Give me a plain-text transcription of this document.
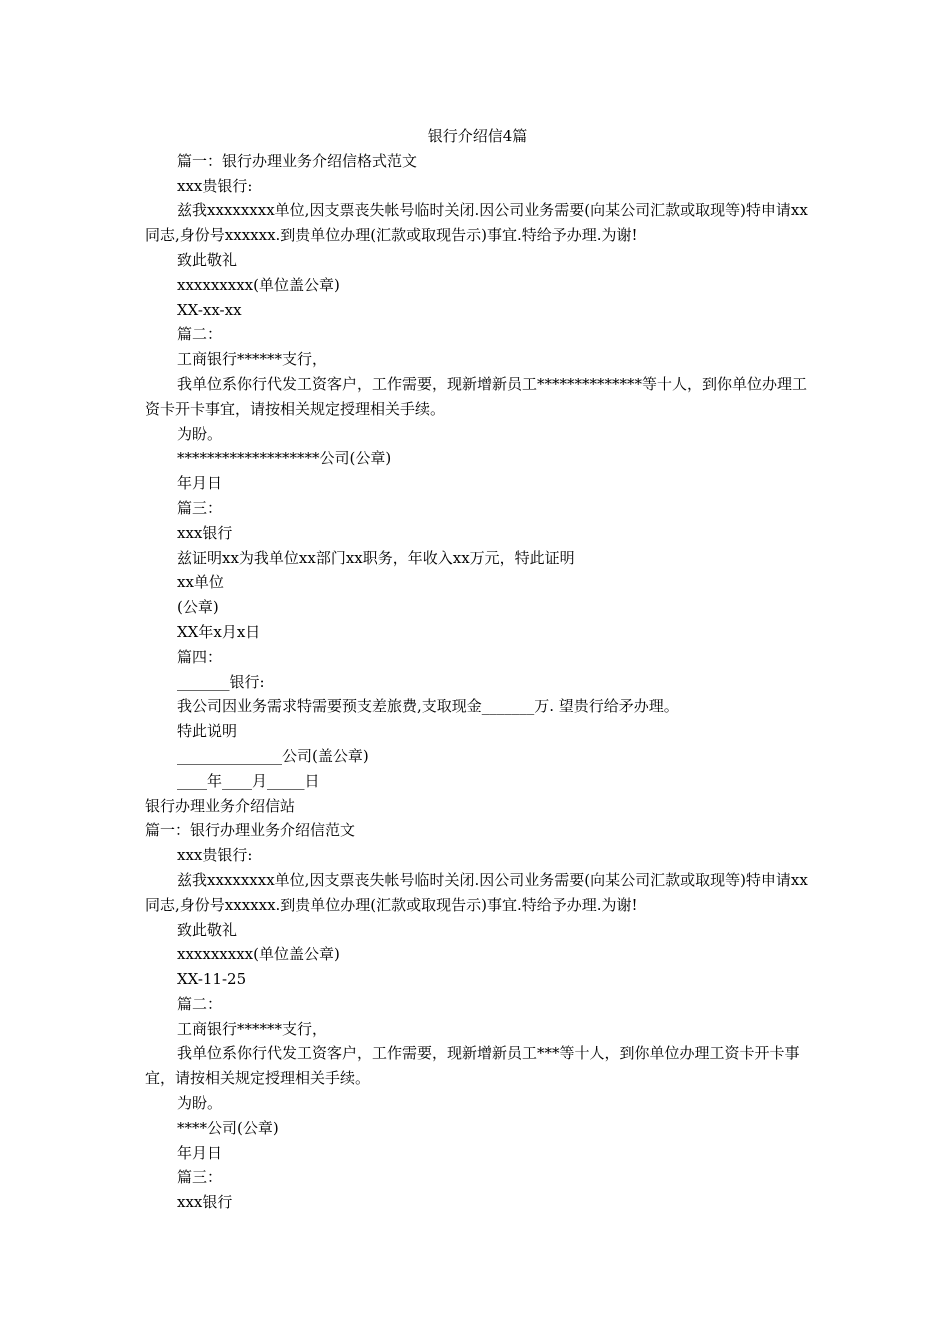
银行介绍信4篇

篇一：银行办理业务介绍信格式范文

xxx贵银行:

兹我xxxxxxxx单位,因支票丧失帐号临时关闭.因公司业务需要(向某公司汇款或取现等)特申请xx同志,身份号xxxxxx.到贵单位办理(汇款或取现告示)事宜.特给予办理.为谢!

致此敬礼

xxxxxxxxx(单位盖公章)

XX-xx-xx

篇二：

工商银行******支行，

我单位系你行代发工资客户，工作需要，现新增新员工**************等十人，到你单位办理工资卡开卡事宜，请按相关规定授理相关手续。

为盼。

*******************公司(公章)

年月日

篇三：

xxx银行

兹证明xx为我单位xx部门xx职务，年收入xx万元，特此证明

xx单位

(公章)

XX年x月x日

篇四：

_______银行:

我公司因业务需求特需要预支差旅费,支取现金_______万. 望贵行给矛办理。

特此说明

______________公司(盖公章)

____年____月_____日

银行办理业务介绍信站

篇一：银行办理业务介绍信范文

xxx贵银行:

兹我xxxxxxxx单位,因支票丧失帐号临时关闭.因公司业务需要(向某公司汇款或取现等)特申请xx同志,身份号xxxxxx.到贵单位办理(汇款或取现告示)事宜.特给予办理.为谢!

致此敬礼

xxxxxxxxx(单位盖公章)

XX-11-25

篇二：

工商银行******支行，

我单位系你行代发工资客户，工作需要，现新增新员工***等十人，到你单位办理工资卡开卡事宜，请按相关规定授理相关手续。

为盼。

****公司(公章)

年月日

篇三：

xxx银行
